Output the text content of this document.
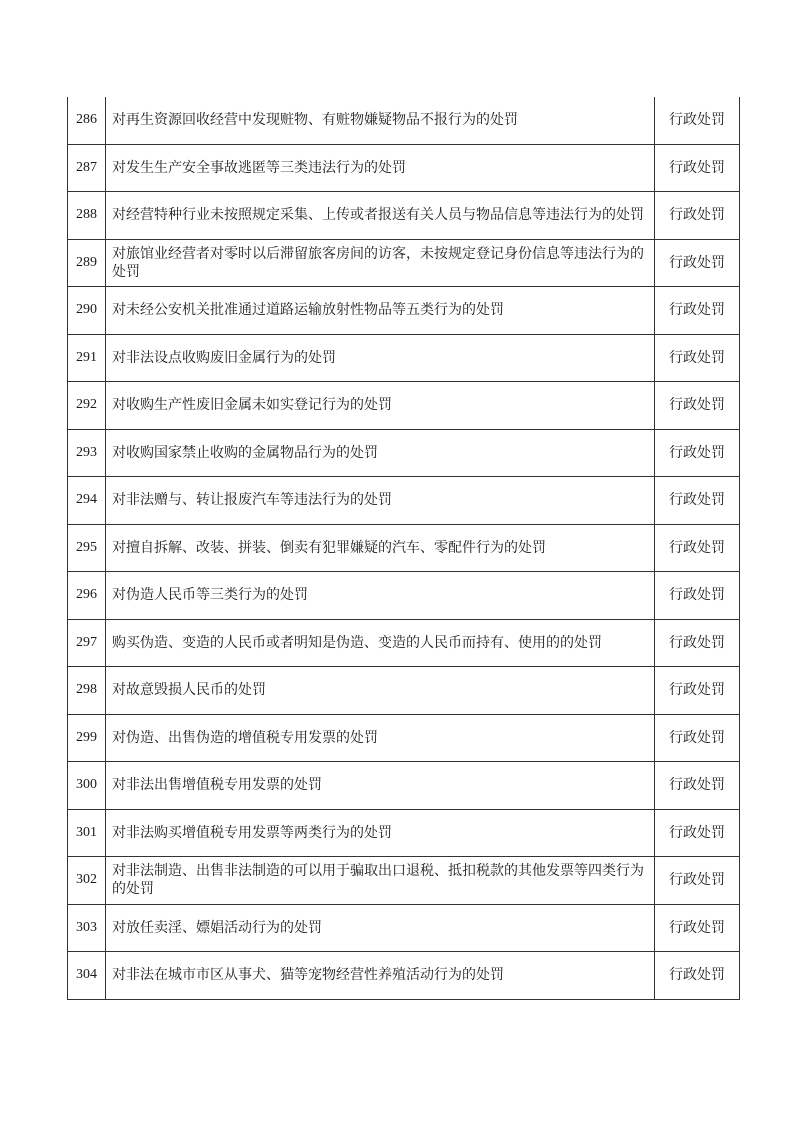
286	对再生资源回收经营中发现赃物、有赃物嫌疑物品不报行为的处罚	行政处罚
287	对发生生产安全事故逃匿等三类违法行为的处罚	行政处罚
288	对经营特种行业未按照规定采集、上传或者报送有关人员与物品信息等违法行为的处罚	行政处罚
289	对旅馆业经营者对零时以后滞留旅客房间的访客，未按规定登记身份信息等违法行为的处罚	行政处罚
290	对未经公安机关批准通过道路运输放射性物品等五类行为的处罚	行政处罚
291	对非法设点收购废旧金属行为的处罚	行政处罚
292	对收购生产性废旧金属未如实登记行为的处罚	行政处罚
293	对收购国家禁止收购的金属物品行为的处罚	行政处罚
294	对非法赠与、转让报废汽车等违法行为的处罚	行政处罚
295	对擅自拆解、改装、拼装、倒卖有犯罪嫌疑的汽车、零配件行为的处罚	行政处罚
296	对伪造人民币等三类行为的处罚	行政处罚
297	购买伪造、变造的人民币或者明知是伪造、变造的人民币而持有、使用的的处罚	行政处罚
298	对故意毁损人民币的处罚	行政处罚
299	对伪造、出售伪造的增值税专用发票的处罚	行政处罚
300	对非法出售增值税专用发票的处罚	行政处罚
301	对非法购买增值税专用发票等两类行为的处罚	行政处罚
302	对非法制造、出售非法制造的可以用于骗取出口退税、抵扣税款的其他发票等四类行为的处罚	行政处罚
303	对放任卖淫、嫖娼活动行为的处罚	行政处罚
304	对非法在城市市区从事犬、猫等宠物经营性养殖活动行为的处罚	行政处罚
